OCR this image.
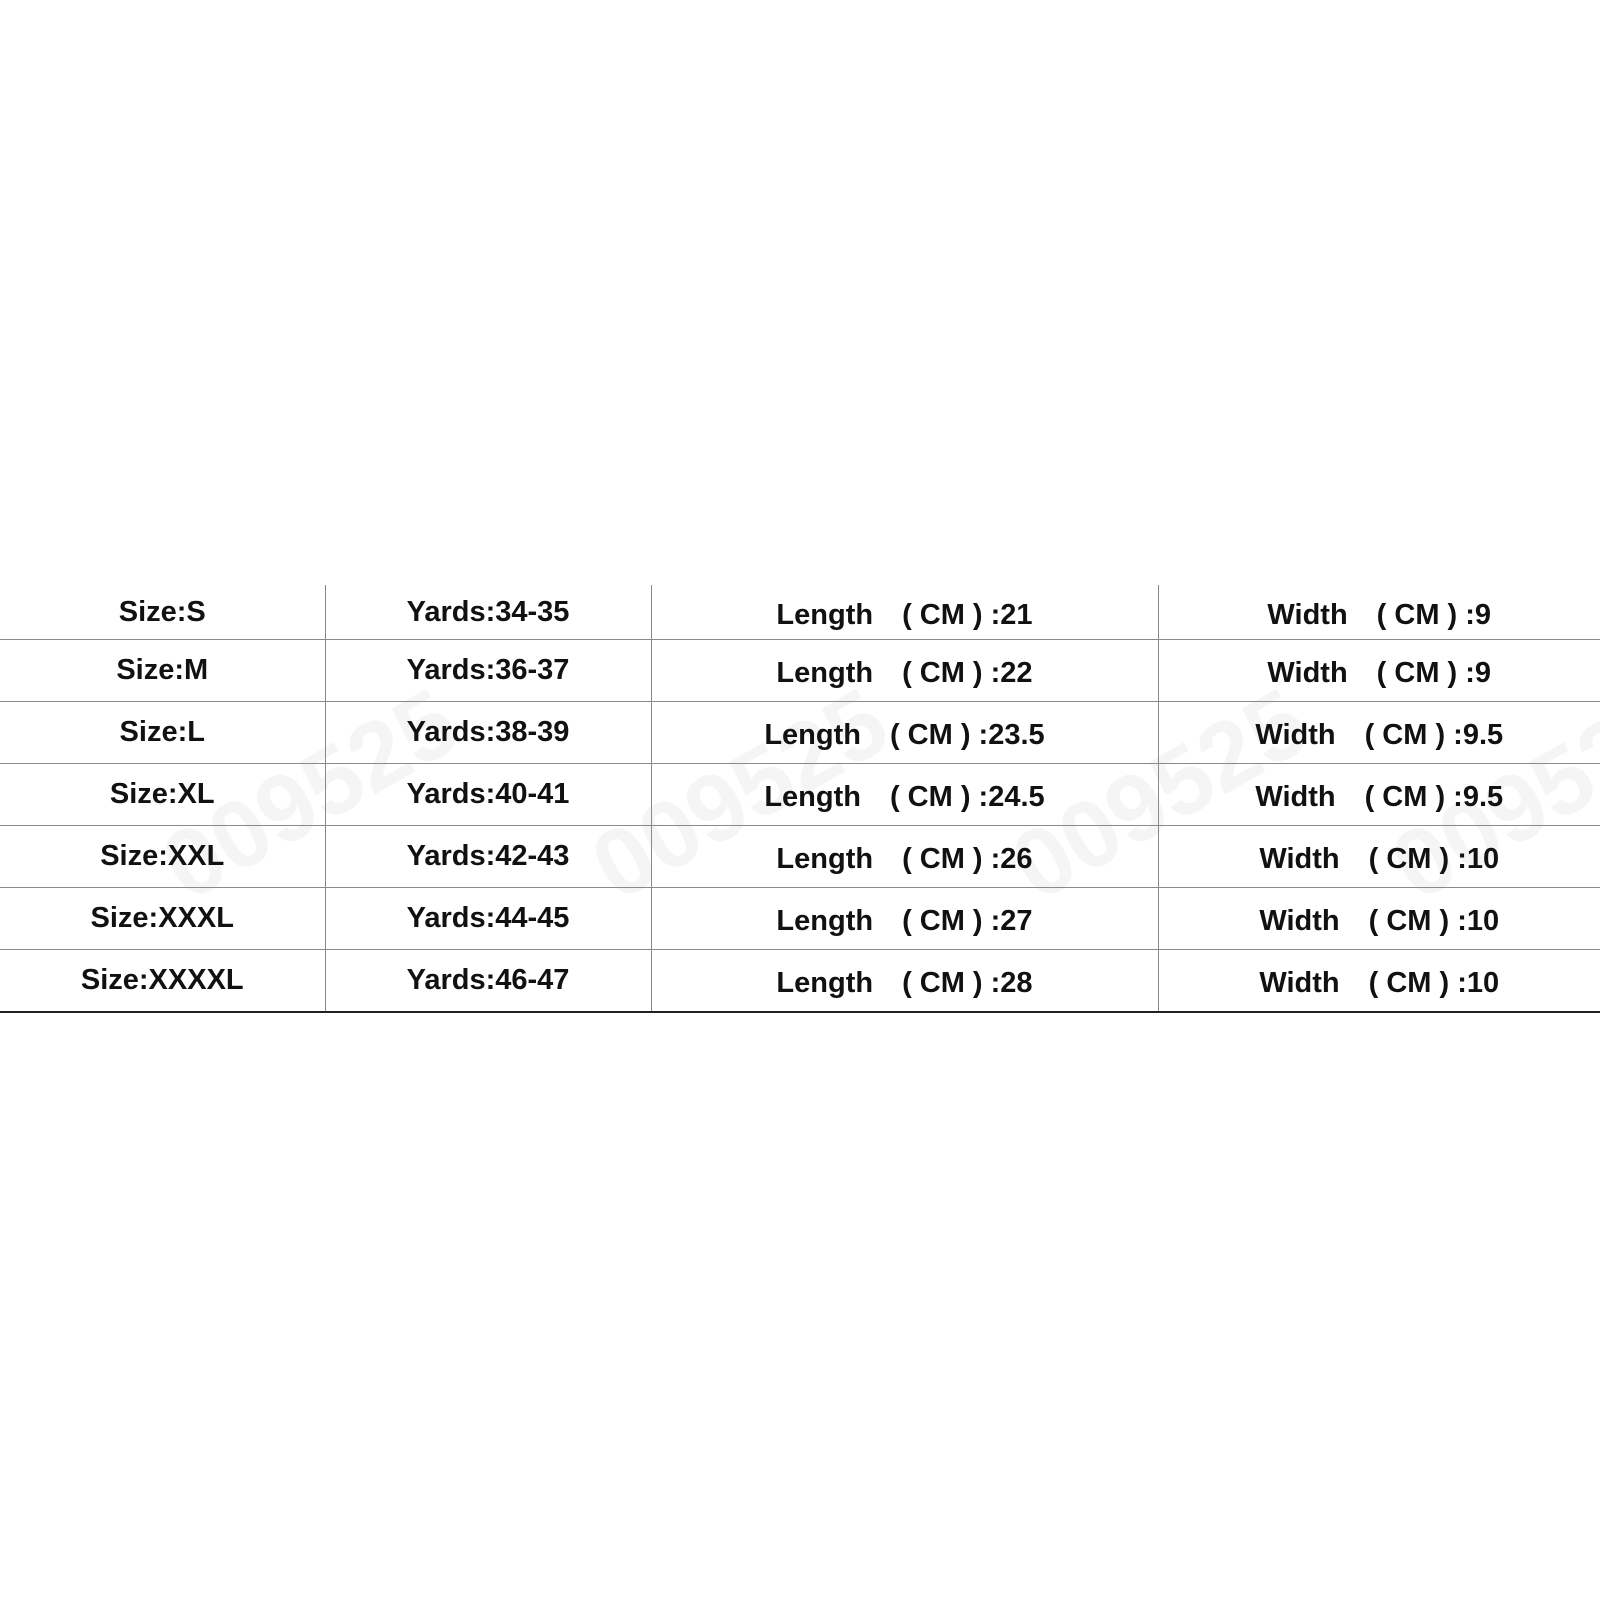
Size:S	Yards:34-35	Length　( CM ) :21	Width　( CM ) :9
Size:M	Yards:36-37	Length　( CM ) :22	Width　( CM ) :9
Size:L	Yards:38-39	Length　( CM ) :23.5	Width　( CM ) :9.5
Size:XL	Yards:40-41	Length　( CM ) :24.5	Width　( CM ) :9.5
Size:XXL	Yards:42-43	Length　( CM ) :26	Width　( CM ) :10
Size:XXXL	Yards:44-45	Length　( CM ) :27	Width　( CM ) :10
Size:XXXXL	Yards:46-47	Length　( CM ) :28	Width　( CM ) :10
